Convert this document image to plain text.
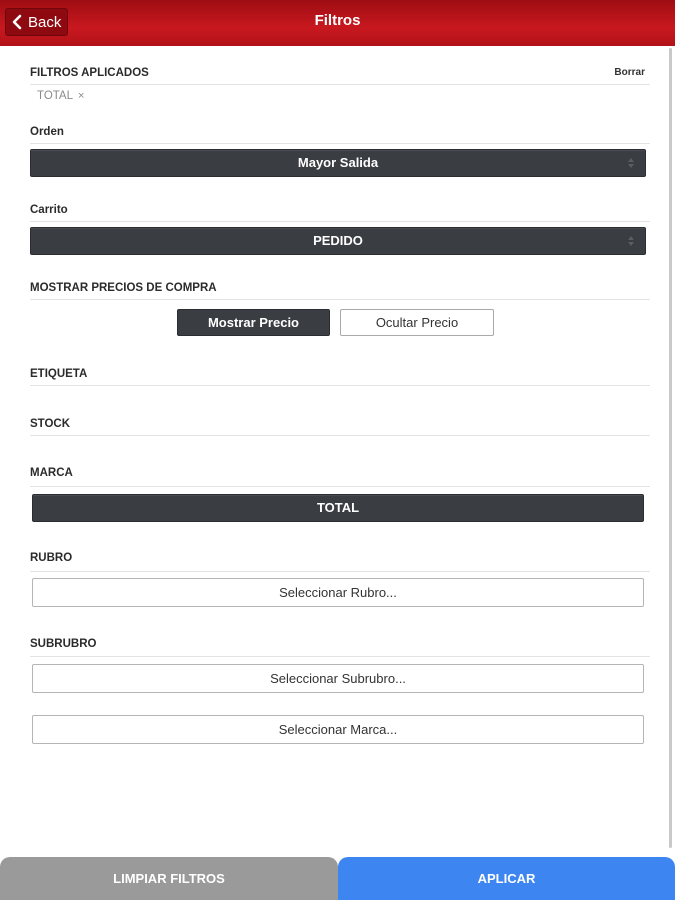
Back	Filtros
FILTROS APLICADOS	Borrar
TOTAL ×
Orden
Mayor Salida
Carrito
PEDIDO
MOSTRAR PRECIOS DE COMPRA
Mostrar Precio	Ocultar Precio
ETIQUETA
STOCK
MARCA
TOTAL
RUBRO
Seleccionar Rubro...
SUBRUBRO
Seleccionar Subrubro...
Seleccionar Marca...
LIMPIAR FILTROS	APLICAR
